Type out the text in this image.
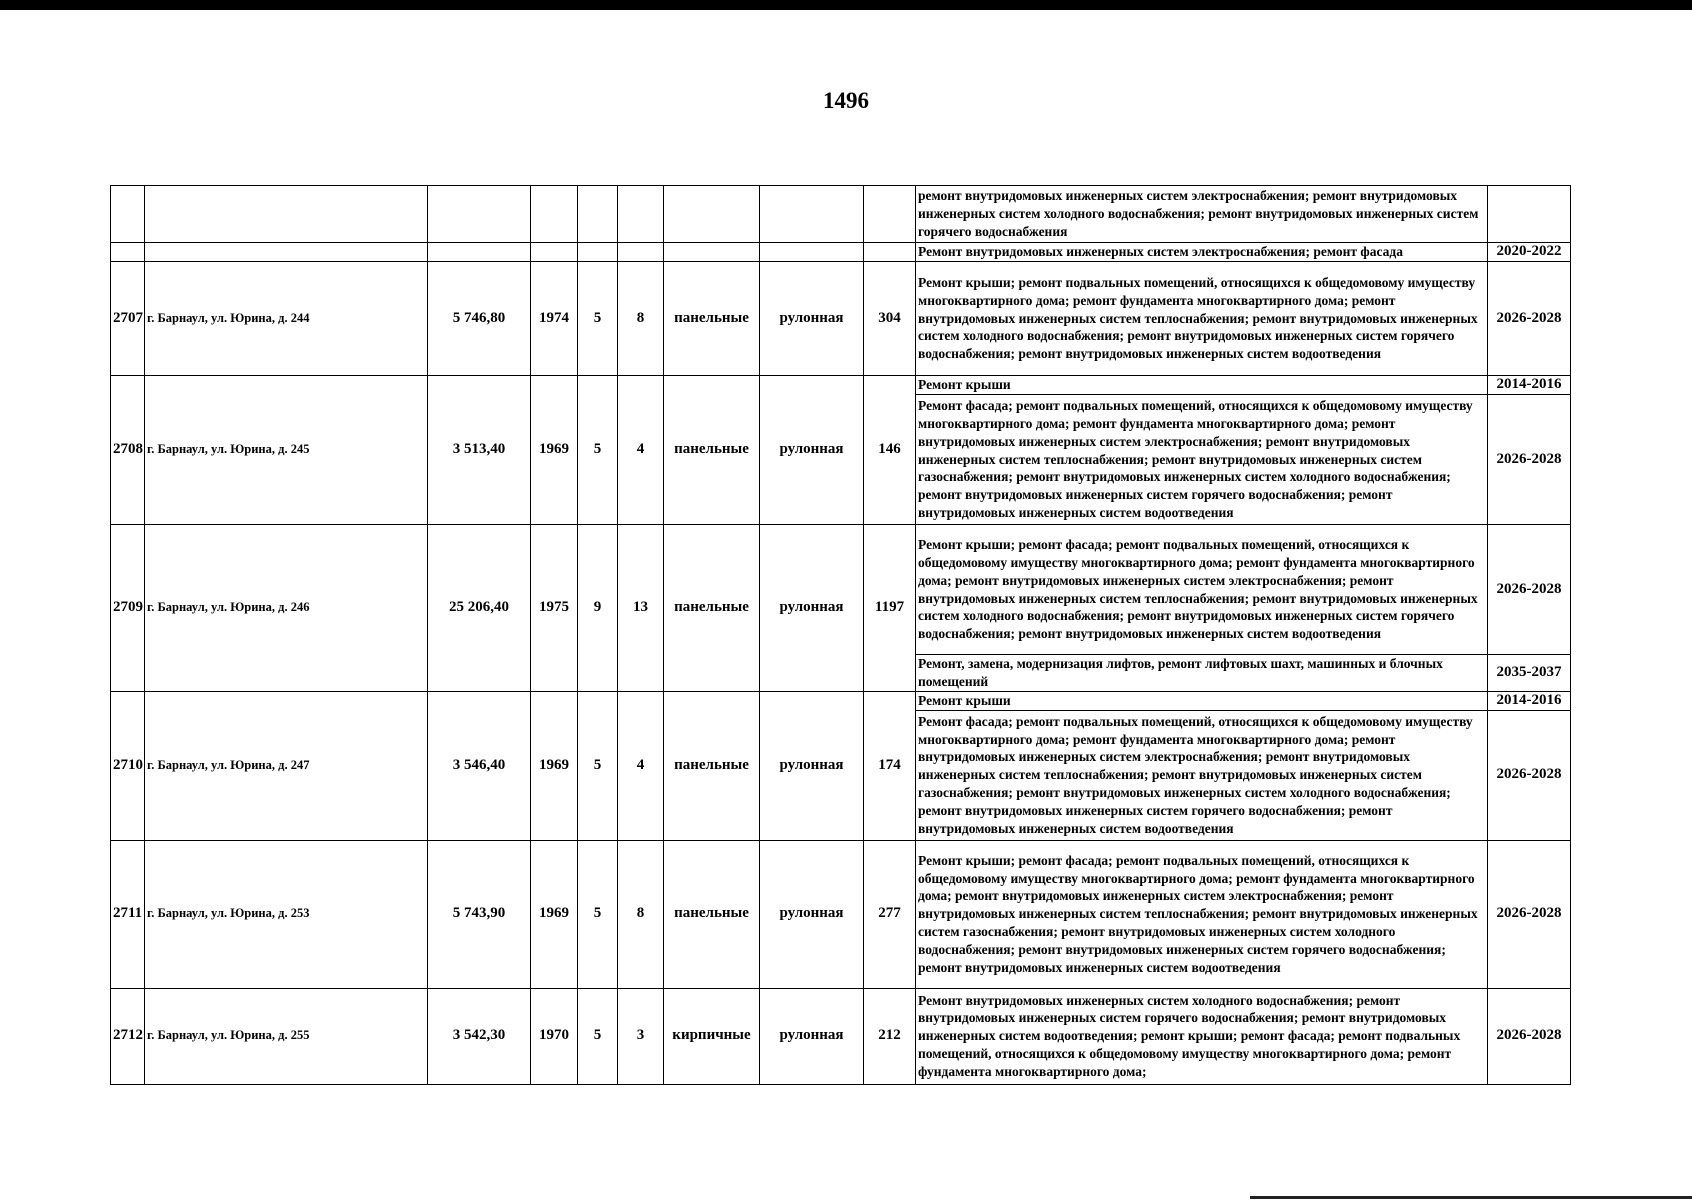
1496
									ремонт внутридомовых инженерных систем электроснабжения; ремонт внутридомовых инженерных систем холодного водоснабжения; ремонт внутридомовых инженерных систем горячего водоснабжения	
									Ремонт внутридомовых инженерных систем электроснабжения; ремонт фасада	2020-2022
2707	г. Барнаул, ул. Юрина, д. 244	5 746,80	1974	5	8	панельные	рулонная	304	Ремонт крыши; ремонт подвальных помещений, относящихся к общедомовому имуществу многоквартирного дома; ремонт фундамента многоквартирного дома; ремонт внутридомовых инженерных систем теплоснабжения; ремонт внутридомовых инженерных систем холодного водоснабжения; ремонт внутридомовых инженерных систем горячего водоснабжения; ремонт внутридомовых инженерных систем водоотведения	2026-2028
2708	г. Барнаул, ул. Юрина, д. 245	3 513,40	1969	5	4	панельные	рулонная	146	Ремонт крыши	2014-2016
									Ремонт фасада; ремонт подвальных помещений, относящихся к общедомовому имуществу многоквартирного дома; ремонт фундамента многоквартирного дома; ремонт внутридомовых инженерных систем электроснабжения; ремонт внутридомовых инженерных систем теплоснабжения; ремонт внутридомовых инженерных систем газоснабжения; ремонт внутридомовых инженерных систем холодного водоснабжения; ремонт внутридомовых инженерных систем горячего водоснабжения; ремонт внутридомовых инженерных систем водоотведения	2026-2028
2709	г. Барнаул, ул. Юрина, д. 246	25 206,40	1975	9	13	панельные	рулонная	1197	Ремонт крыши; ремонт фасада; ремонт подвальных помещений, относящихся к общедомовому имуществу многоквартирного дома; ремонт фундамента многоквартирного дома; ремонт внутридомовых инженерных систем электроснабжения; ремонт внутридомовых инженерных систем теплоснабжения; ремонт внутридомовых инженерных систем холодного водоснабжения; ремонт внутридомовых инженерных систем горячего водоснабжения; ремонт внутридомовых инженерных систем водоотведения	2026-2028
									Ремонт, замена, модернизация лифтов, ремонт лифтовых шахт, машинных и блочных помещений	2035-2037
2710	г. Барнаул, ул. Юрина, д. 247	3 546,40	1969	5	4	панельные	рулонная	174	Ремонт крыши	2014-2016
									Ремонт фасада; ремонт подвальных помещений, относящихся к общедомовому имуществу многоквартирного дома; ремонт фундамента многоквартирного дома; ремонт внутридомовых инженерных систем электроснабжения; ремонт внутридомовых инженерных систем теплоснабжения; ремонт внутридомовых инженерных систем газоснабжения; ремонт внутридомовых инженерных систем холодного водоснабжения; ремонт внутридомовых инженерных систем горячего водоснабжения; ремонт внутридомовых инженерных систем водоотведения	2026-2028
2711	г. Барнаул, ул. Юрина, д. 253	5 743,90	1969	5	8	панельные	рулонная	277	Ремонт крыши; ремонт фасада; ремонт подвальных помещений, относящихся к общедомовому имуществу многоквартирного дома; ремонт фундамента многоквартирного дома; ремонт внутридомовых инженерных систем электроснабжения; ремонт внутридомовых инженерных систем теплоснабжения; ремонт внутридомовых инженерных систем газоснабжения; ремонт внутридомовых инженерных систем холодного водоснабжения; ремонт внутридомовых инженерных систем горячего водоснабжения; ремонт внутридомовых инженерных систем водоотведения	2026-2028
2712	г. Барнаул, ул. Юрина, д. 255	3 542,30	1970	5	3	кирпичные	рулонная	212	Ремонт внутридомовых инженерных систем холодного водоснабжения; ремонт внутридомовых инженерных систем горячего водоснабжения; ремонт внутридомовых инженерных систем водоотведения; ремонт крыши; ремонт фасада; ремонт подвальных помещений, относящихся к общедомовому имуществу многоквартирного дома; ремонт фундамента многоквартирного дома;	2026-2028
